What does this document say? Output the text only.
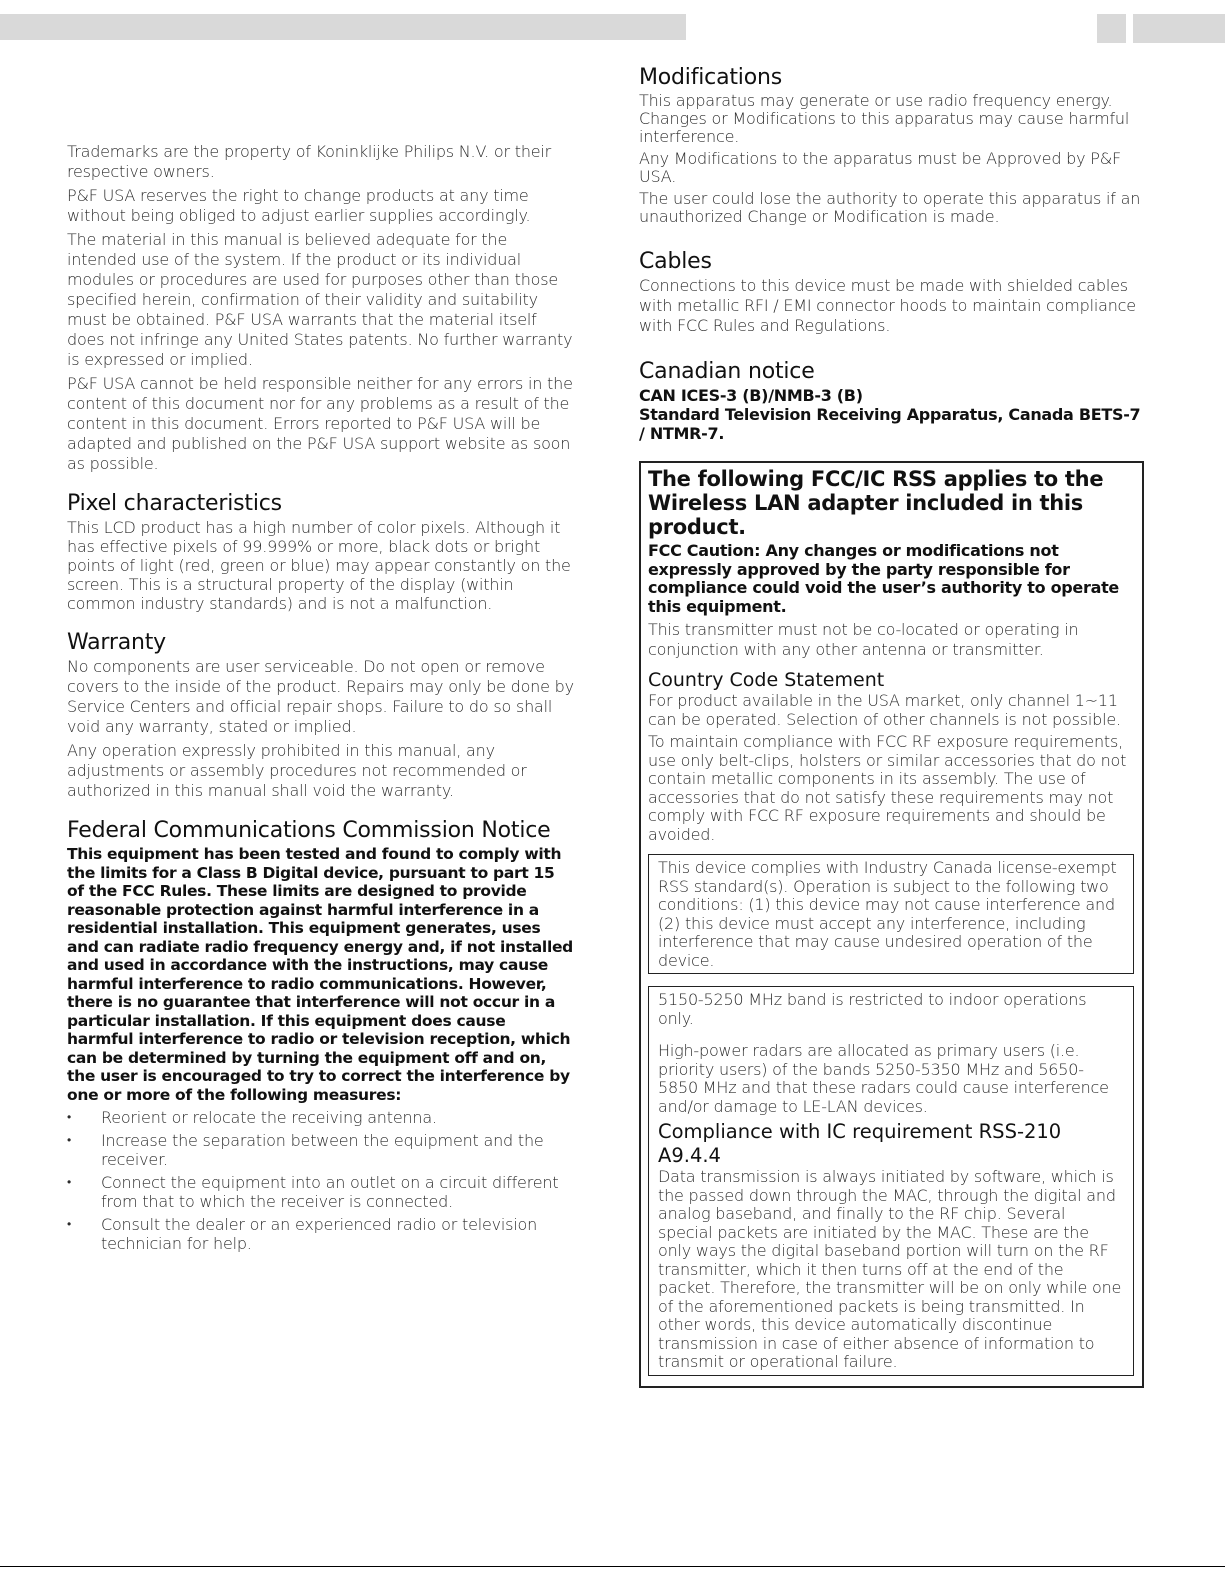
Trademarks are the property of Koninklijke Philips N.V. or their respective owners.

P&F USA reserves the right to change products at any time without being obliged to adjust earlier supplies accordingly.

The material in this manual is believed adequate for the intended use of the system. If the product or its individual modules or procedures are used for purposes other than those specified herein, confirmation of their validity and suitability must be obtained. P&F USA warrants that the material itself does not infringe any United States patents. No further warranty is expressed or implied.

P&F USA cannot be held responsible neither for any errors in the content of this document nor for any problems as a result of the content in this document. Errors reported to P&F USA will be adapted and published on the P&F USA support website as soon as possible.

Pixel characteristics

This LCD product has a high number of color pixels. Although it has effective pixels of 99.999% or more, black dots or bright points of light (red, green or blue) may appear constantly on the screen. This is a structural property of the display (within common industry standards) and is not a malfunction.

Warranty

No components are user serviceable. Do not open or remove covers to the inside of the product. Repairs may only be done by Service Centers and official repair shops. Failure to do so shall void any warranty, stated or implied.

Any operation expressly prohibited in this manual, any adjustments or assembly procedures not recommended or authorized in this manual shall void the warranty.

Federal Communications Commission Notice

This equipment has been tested and found to comply with the limits for a Class B Digital device, pursuant to part 15 of the FCC Rules. These limits are designed to provide reasonable protection against harmful interference in a residential installation. This equipment generates, uses and can radiate radio frequency energy and, if not installed and used in accordance with the instructions, may cause harmful interference to radio communications. However, there is no guarantee that interference will not occur in a particular installation. If this equipment does cause harmful interference to radio or television reception, which can be determined by turning the equipment off and on, the user is encouraged to try to correct the interference by one or more of the following measures:

• Reorient or relocate the receiving antenna.
• Increase the separation between the equipment and the receiver.
• Connect the equipment into an outlet on a circuit different from that to which the receiver is connected.
• Consult the dealer or an experienced radio or television technician for help.
Modifications

This apparatus may generate or use radio frequency energy. Changes or Modifications to this apparatus may cause harmful interference.

Any Modifications to the apparatus must be Approved by P&F USA.

The user could lose the authority to operate this apparatus if an unauthorized Change or Modification is made.

Cables

Connections to this device must be made with shielded cables with metallic RFI / EMI connector hoods to maintain compliance with FCC Rules and Regulations.

Canadian notice

CAN ICES-3 (B)/NMB-3 (B)

Standard Television Receiving Apparatus, Canada BETS-7 / NTMR-7.

The following FCC/IC RSS applies to the Wireless LAN adapter included in this product.

FCC Caution: Any changes or modifications not expressly approved by the party responsible for compliance could void the user’s authority to operate this equipment.

This transmitter must not be co-located or operating in conjunction with any other antenna or transmitter.

Country Code Statement

For product available in the USA market, only channel 1~11 can be operated. Selection of other channels is not possible.

To maintain compliance with FCC RF exposure requirements, use only belt-clips, holsters or similar accessories that do not contain metallic components in its assembly. The use of accessories that do not satisfy these requirements may not comply with FCC RF exposure requirements and should be avoided.

This device complies with Industry Canada license-exempt RSS standard(s). Operation is subject to the following two conditions: (1) this device may not cause interference and (2) this device must accept any interference, including interference that may cause undesired operation of the device.

5150-5250 MHz band is restricted to indoor operations only.

High-power radars are allocated as primary users (i.e. priority users) of the bands 5250-5350 MHz and 5650-5850 MHz and that these radars could cause interference and/or damage to LE-LAN devices.

Compliance with IC requirement RSS-210 A9.4.4

Data transmission is always initiated by software, which is the passed down through the MAC, through the digital and analog baseband, and finally to the RF chip. Several special packets are initiated by the MAC. These are the only ways the digital baseband portion will turn on the RF transmitter, which it then turns off at the end of the packet. Therefore, the transmitter will be on only while one of the aforementioned packets is being transmitted. In other words, this device automatically discontinue transmission in case of either absence of information to transmit or operational failure.
